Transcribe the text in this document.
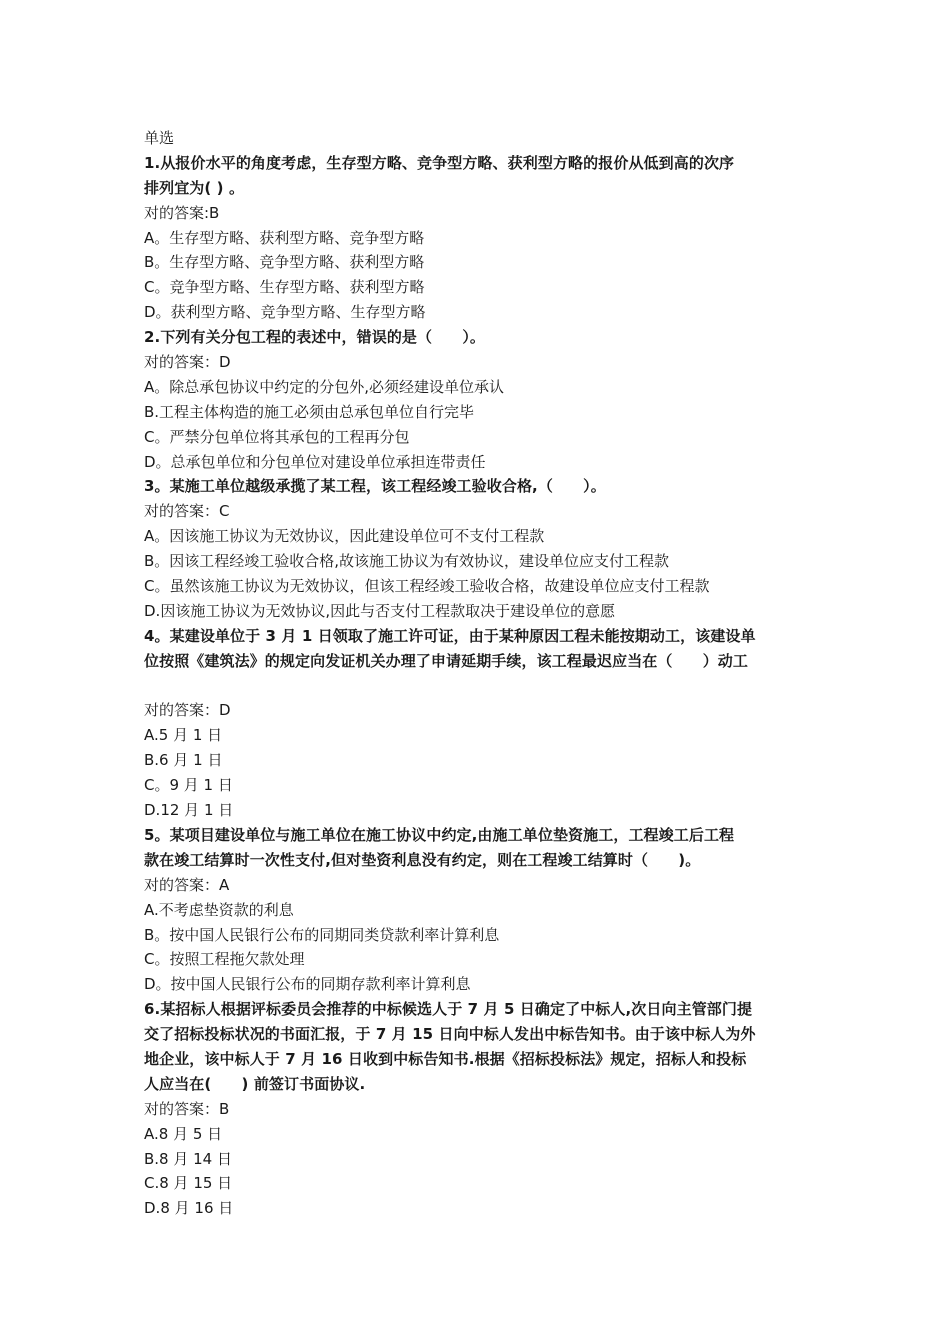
单选
1.从报价水平的角度考虑，生存型方略、竞争型方略、获利型方略的报价从低到高的次序
排列宜为( ) 。
对的答案:B
A。生存型方略、获利型方略、竞争型方略
B。生存型方略、竞争型方略、获利型方略
C。竞争型方略、生存型方略、获利型方略
D。获利型方略、竞争型方略、生存型方略
2.下列有关分包工程的表述中，错误的是（　　）。
对的答案：D
A。除总承包协议中约定的分包外,必须经建设单位承认
B.工程主体构造的施工必须由总承包单位自行完毕
C。严禁分包单位将其承包的工程再分包
D。总承包单位和分包单位对建设单位承担连带责任
3。某施工单位越级承揽了某工程，该工程经竣工验收合格,（　　）。
对的答案：C
A。因该施工协议为无效协议，因此建设单位可不支付工程款
B。因该工程经竣工验收合格,故该施工协议为有效协议，建设单位应支付工程款
C。虽然该施工协议为无效协议，但该工程经竣工验收合格，故建设单位应支付工程款
D.因该施工协议为无效协议,因此与否支付工程款取决于建设单位的意愿
4。某建设单位于 3 月 1 日领取了施工许可证，由于某种原因工程未能按期动工，该建设单
位按照《建筑法》的规定向发证机关办理了申请延期手续，该工程最迟应当在（　　）动工
对的答案：D
A.5 月 1 日
B.6 月 1 日
C。9 月 1 日
D.12 月 1 日
5。某项目建设单位与施工单位在施工协议中约定,由施工单位垫资施工，工程竣工后工程
款在竣工结算时一次性支付,但对垫资利息没有约定，则在工程竣工结算时（　　)。
对的答案：A
A.不考虑垫资款的利息
B。按中国人民银行公布的同期同类贷款利率计算利息
C。按照工程拖欠款处理
D。按中国人民银行公布的同期存款利率计算利息
6.某招标人根据评标委员会推荐的中标候选人于 7 月 5 日确定了中标人,次日向主管部门提
交了招标投标状况的书面汇报，于 7 月 15 日向中标人发出中标告知书。由于该中标人为外
地企业，该中标人于 7 月 16 日收到中标告知书.根据《招标投标法》规定，招标人和投标
人应当在(　　) 前签订书面协议.
对的答案：B
A.8 月 5 日
B.8 月 14 日
C.8 月 15 日
D.8 月 16 日
